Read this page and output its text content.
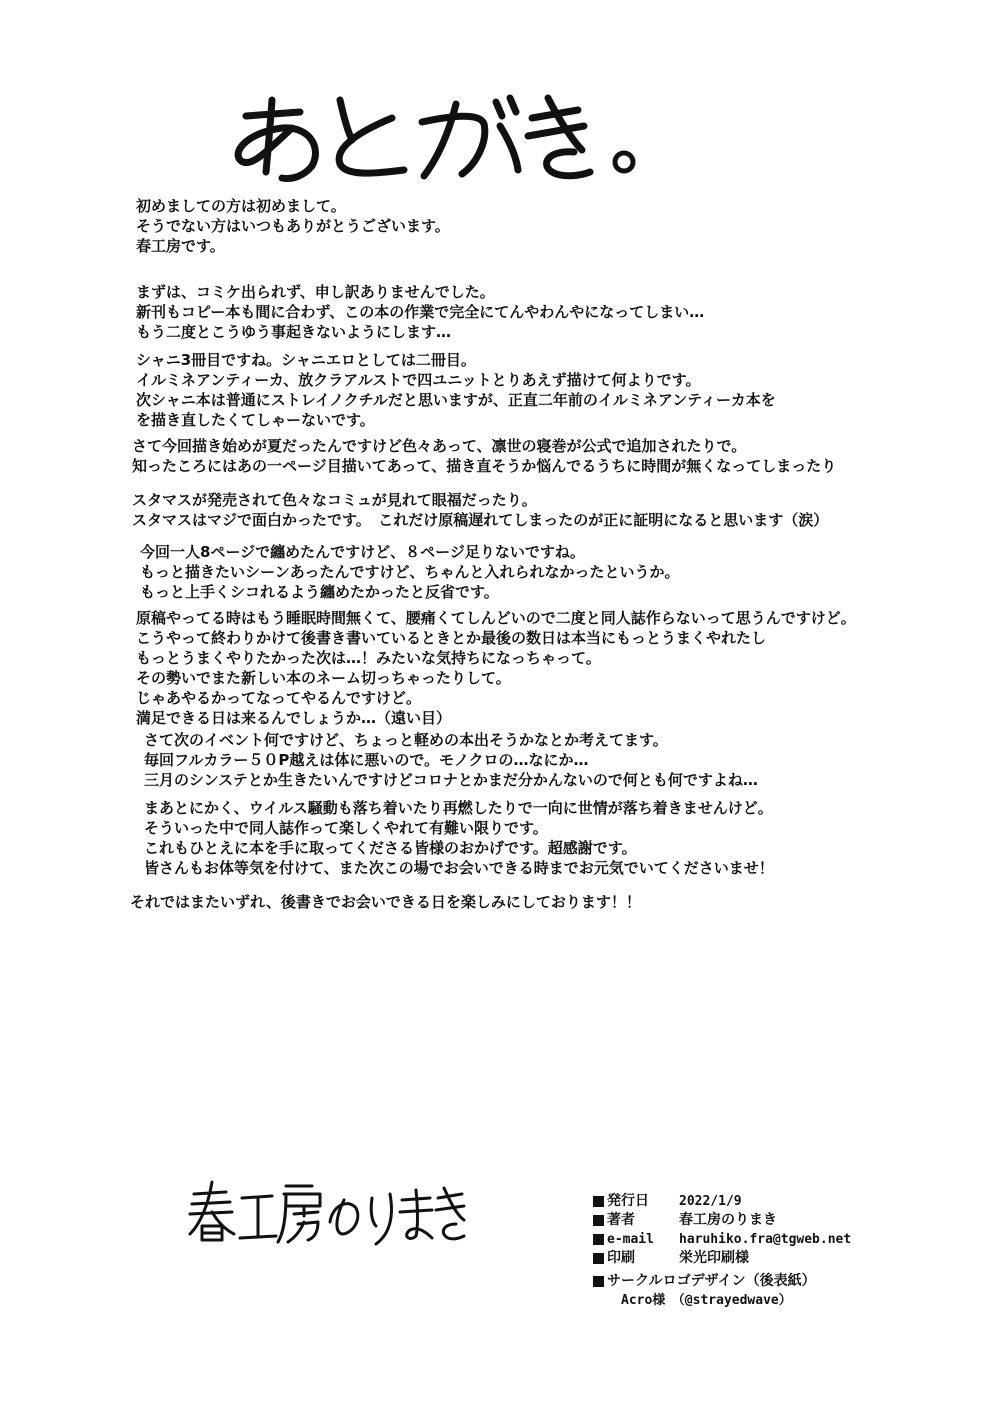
初めましての方は初めまして。
そうでない方はいつもありがとうございます。
春工房です。
まずは、コミケ出られず、申し訳ありませんでした。
新刊もコピー本も間に合わず、この本の作業で完全にてんやわんやになってしまい…
もう二度とこうゆう事起きないようにします…
シャニ3冊目ですね。シャニエロとしては二冊目。
イルミネアンティーカ、放クラアルストで四ユニットとりあえず描けて何よりです。
次シャニ本は普通にストレイノクチルだと思いますが、正直二年前のイルミネアンティーカ本を
を描き直したくてしゃーないです。
さて今回描き始めが夏だったんですけど色々あって、凛世の寝巻が公式で追加されたりで。
知ったころにはあの一ページ目描いてあって、描き直そうか悩んでるうちに時間が無くなってしまったり
スタマスが発売されて色々なコミュが見れて眼福だったり。
スタマスはマジで面白かったです。　これだけ原稿遅れてしまったのが正に証明になると思います（涙）
今回一人8ページで纏めたんですけど、８ページ足りないですね。
もっと描きたいシーンあったんですけど、ちゃんと入れられなかったというか。
もっと上手くシコれるよう纏めたかったと反省です。
原稿やってる時はもう睡眠時間無くて、腰痛くてしんどいので二度と同人誌作らないって思うんですけど。
こうやって終わりかけて後書き書いているときとか最後の数日は本当にもっとうまくやれたし
もっとうまくやりたかった次は…！みたいな気持ちになっちゃって。
その勢いでまた新しい本のネーム切っちゃったりして。
じゃあやるかってなってやるんですけど。
満足できる日は来るんでしょうか…（遠い目）
さて次のイベント何ですけど、ちょっと軽めの本出そうかなとか考えてます。
毎回フルカラー５０P越えは体に悪いので。モノクロの…なにか…
三月のシンステとか生きたいんですけどコロナとかまだ分かんないので何とも何ですよね…
まあとにかく、ウイルス騒動も落ち着いたり再燃したりで一向に世情が落ち着きませんけど。
そういった中で同人誌作って楽しくやれて有難い限りです。
これもひとえに本を手に取ってくださる皆様のおかげです。超感謝です。
皆さんもお体等気を付けて、また次この場でお会いできる時までお元気でいてくださいませ！
それではまたいずれ、後書きでお会いできる日を楽しみにしております！！
発行日	2022/1/9
著者	春工房のりまき
e-mail	haruhiko.fra@tgweb.net
印刷	栄光印刷様
サークルロゴデザイン（後表紙）
Acro様　（@strayedwave）
